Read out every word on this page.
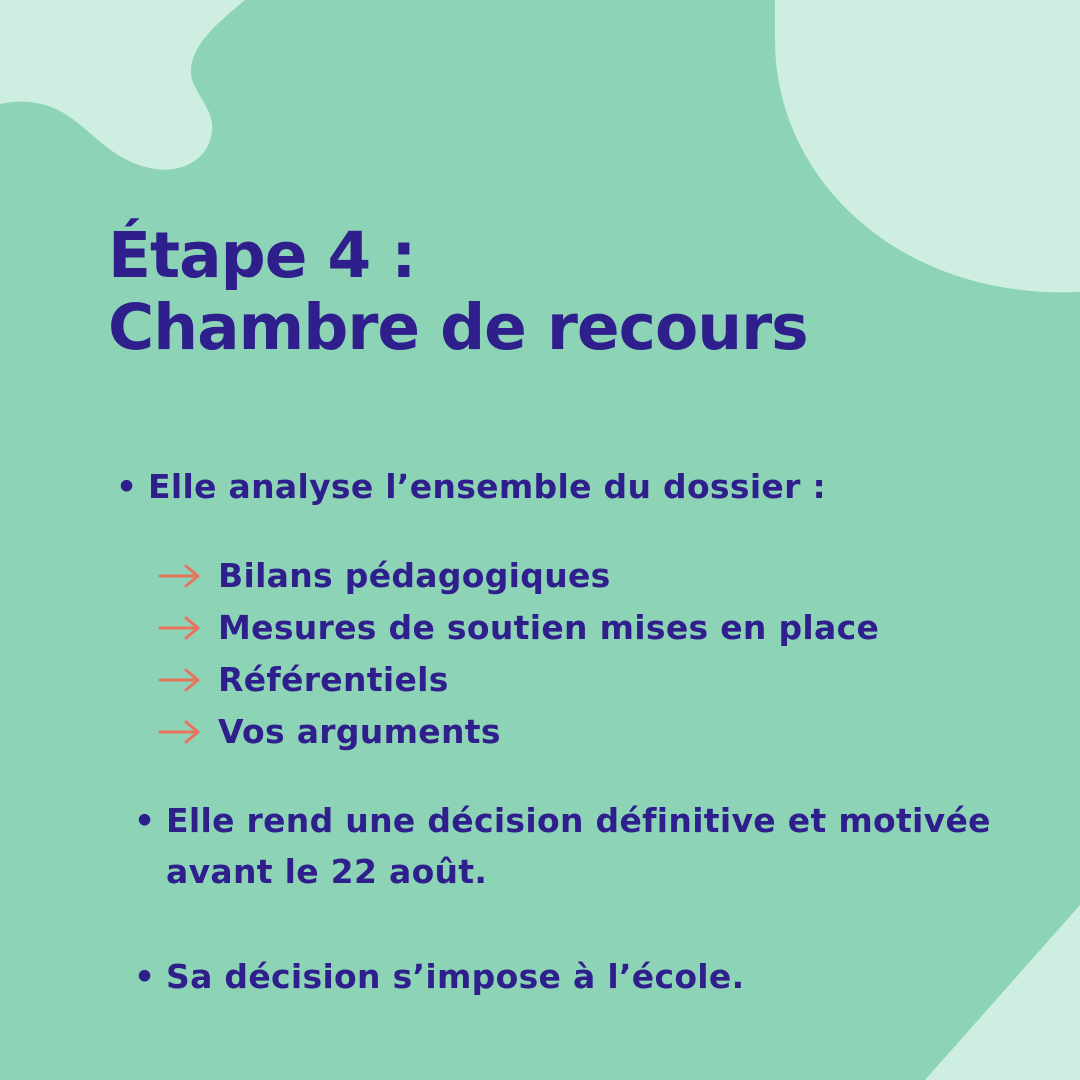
Étape 4 :
Chambre de recours
• Elle analyse l’ensemble du dossier :
Bilans pédagogiques
Mesures de soutien mises en place
Référentiels
Vos arguments
• Elle rend une décision définitive et motivée avant le 22 août.
• Sa décision s’impose à l’école.
